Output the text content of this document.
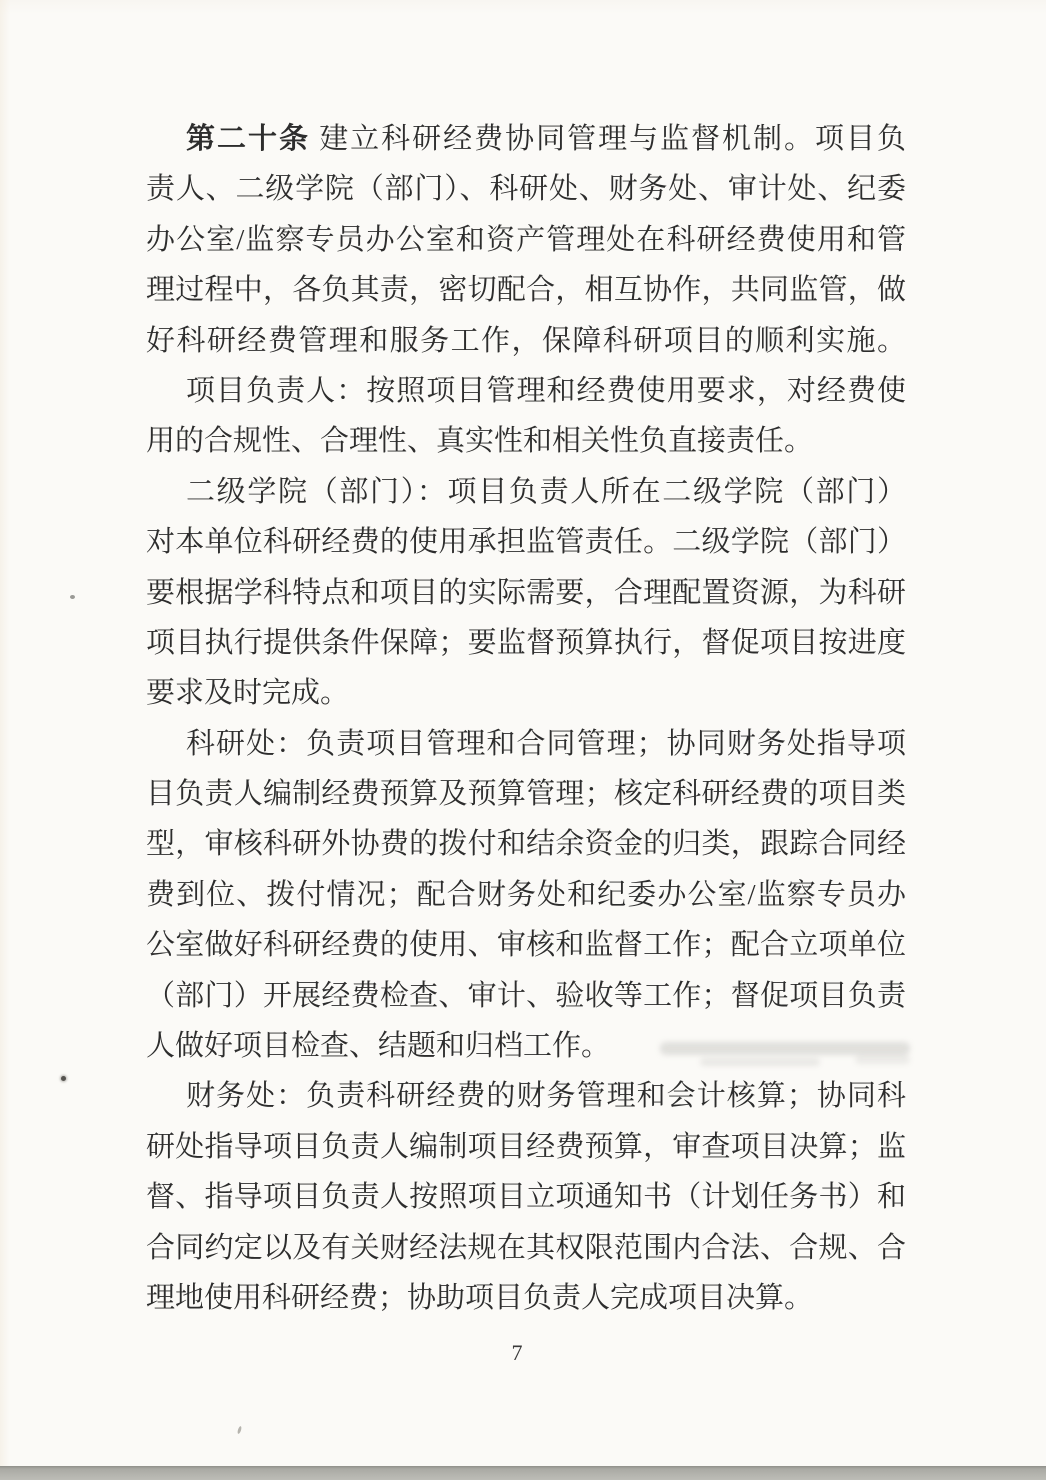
第二十条 建立科研经费协同管理与监督机制。项目负
责人、二级学院（部门）、科研处、财务处、审计处、纪委
办公室/监察专员办公室和资产管理处在科研经费使用和管
理过程中，各负其责，密切配合，相互协作，共同监管，做
好科研经费管理和服务工作，保障科研项目的顺利实施。
项目负责人：按照项目管理和经费使用要求，对经费使
用的合规性、合理性、真实性和相关性负直接责任。
二级学院（部门）：项目负责人所在二级学院（部门）
对本单位科研经费的使用承担监管责任。二级学院（部门）
要根据学科特点和项目的实际需要，合理配置资源，为科研
项目执行提供条件保障；要监督预算执行，督促项目按进度
要求及时完成。
科研处：负责项目管理和合同管理；协同财务处指导项
目负责人编制经费预算及预算管理；核定科研经费的项目类
型，审核科研外协费的拨付和结余资金的归类，跟踪合同经
费到位、拨付情况；配合财务处和纪委办公室/监察专员办
公室做好科研经费的使用、审核和监督工作；配合立项单位
（部门）开展经费检查、审计、验收等工作；督促项目负责
人做好项目检查、结题和归档工作。
财务处：负责科研经费的财务管理和会计核算；协同科
研处指导项目负责人编制项目经费预算，审查项目决算；监
督、指导项目负责人按照项目立项通知书（计划任务书）和
合同约定以及有关财经法规在其权限范围内合法、合规、合
理地使用科研经费；协助项目负责人完成项目决算。
7
